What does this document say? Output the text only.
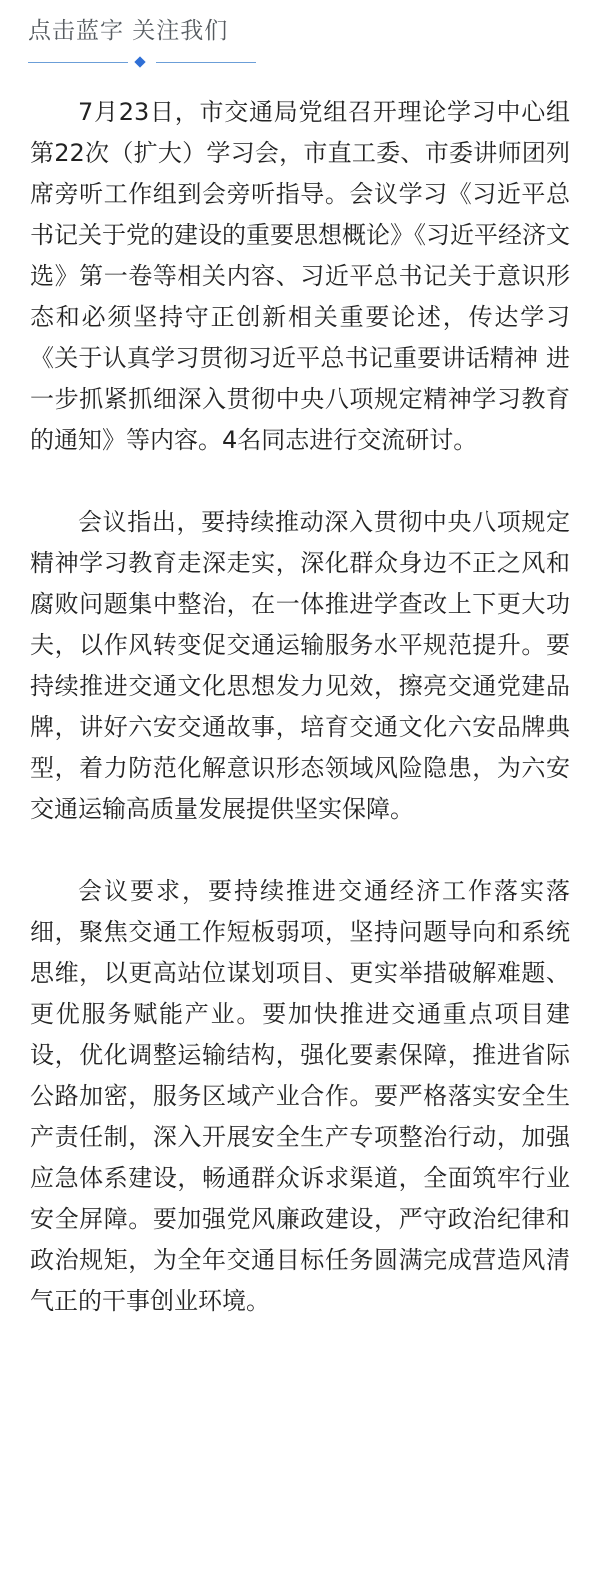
点击蓝字 关注我们

7月23日，市交通局党组召开理论学习中心组第22次（扩大）学习会，市直工委、市委讲师团列席旁听工作组到会旁听指导。会议学习《习近平总书记关于党的建设的重要思想概论》《习近平经济文选》第一卷等相关内容、习近平总书记关于意识形态和必须坚持守正创新相关重要论述，传达学习《关于认真学习贯彻习近平总书记重要讲话精神 进一步抓紧抓细深入贯彻中央八项规定精神学习教育的通知》等内容。4名同志进行交流研讨。

会议指出，要持续推动深入贯彻中央八项规定精神学习教育走深走实，深化群众身边不正之风和腐败问题集中整治，在一体推进学查改上下更大功夫，以作风转变促交通运输服务水平规范提升。要持续推进交通文化思想发力见效，擦亮交通党建品牌，讲好六安交通故事，培育交通文化六安品牌典型，着力防范化解意识形态领域风险隐患，为六安交通运输高质量发展提供坚实保障。

会议要求，要持续推进交通经济工作落实落细，聚焦交通工作短板弱项，坚持问题导向和系统思维，以更高站位谋划项目、更实举措破解难题、更优服务赋能产业。要加快推进交通重点项目建设，优化调整运输结构，强化要素保障，推进省际公路加密，服务区域产业合作。要严格落实安全生产责任制，深入开展安全生产专项整治行动，加强应急体系建设，畅通群众诉求渠道，全面筑牢行业安全屏障。要加强党风廉政建设，严守政治纪律和政治规矩，为全年交通目标任务圆满完成营造风清气正的干事创业环境。
